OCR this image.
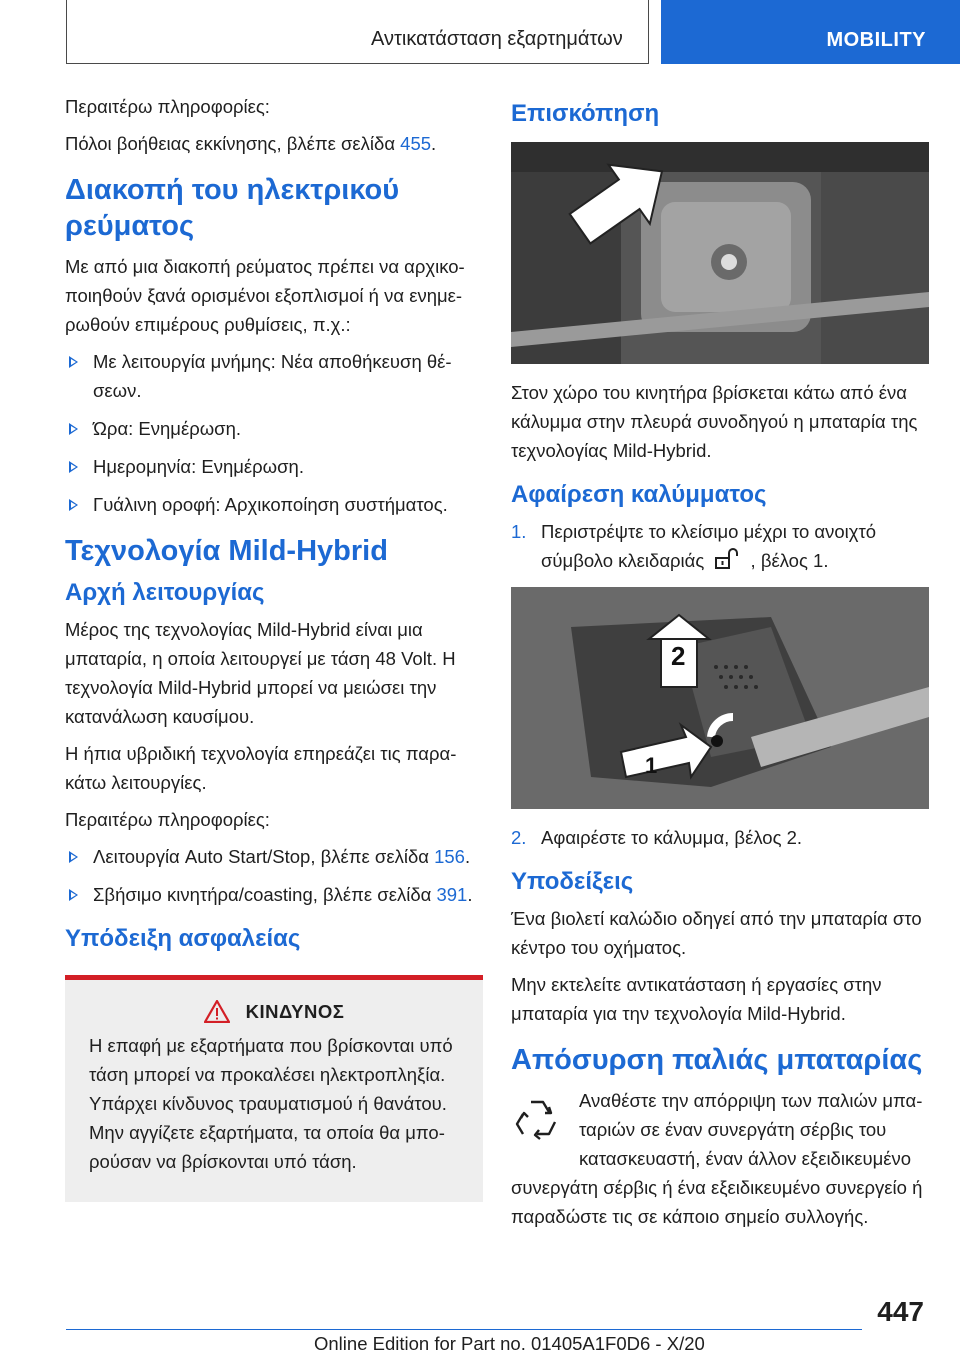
Αντικατάσταση εξαρτημάτων	MOBILITY

Περαιτέρω πληροφορίες:

Πόλοι βοήθειας εκκίνησης, βλέπε σελίδα 455.

Διακοπή του ηλεκτρικού ρεύματος

Με από μια διακοπή ρεύματος πρέπει να αρχικοποιηθούν ξανά ορισμένοι εξοπλισμοί ή να ενημερωθούν επιμέρους ρυθμίσεις, π.χ.:

Με λειτουργία μνήμης: Νέα αποθήκευση θέσεων.
Ώρα: Ενημέρωση.
Ημερομηνία: Ενημέρωση.
Γυάλινη οροφή: Αρχικοποίηση συστήματος.
Τεχνολογία Mild-Hybrid
Αρχή λειτουργίας

Μέρος της τεχνολογίας Mild-Hybrid είναι μια μπαταρία, η οποία λειτουργεί με τάση 48 Volt. Η τεχνολογία Mild-Hybrid μπορεί να μειώσει την κατανάλωση καυσίμου.

Η ήπια υβριδική τεχνολογία επηρεάζει τις παρακάτω λειτουργίες.

Περαιτέρω πληροφορίες:

Λειτουργία Auto Start/Stop, βλέπε σελίδα 156.
Σβήσιμο κινητήρα/coasting, βλέπε σελίδα 391.
Υπόδειξη ασφαλείας
ΚΙΝΔΥΝΟΣ

Η επαφή με εξαρτήματα που βρίσκονται υπό τάση μπορεί να προκαλέσει ηλεκτροπληξία. Υπάρχει κίνδυνος τραυματισμού ή θανάτου. Μην αγγίζετε εξαρτήματα, τα οποία θα μπορούσαν να βρίσκονται υπό τάση.

Επισκόπηση

Στον χώρο του κινητήρα βρίσκεται κάτω από ένα κάλυμμα στην πλευρά συνοδηγού η μπαταρία της τεχνολογίας Mild-Hybrid.

Αφαίρεση καλύμματος
1. Περιστρέψτε το κλείσιμο μέχρι το ανοιχτό σύμβολο κλειδαριάς  , βέλος 1.
2
1
2. Αφαιρέστε το κάλυμμα, βέλος 2.
Υποδείξεις

Ένα βιολετί καλώδιο οδηγεί από την μπαταρία στο κέντρο του οχήματος.

Μην εκτελείτε αντικατάσταση ή εργασίες στην μπαταρία για την τεχνολογία Mild-Hybrid.

Απόσυρση παλιάς μπαταρίας

Αναθέστε την απόρριψη των παλιών μπαταριών σε έναν συνεργάτη σέρβις του κατασκευαστή, έναν άλλον εξειδικευμένο συνεργάτη σέρβις ή ένα εξειδικευμένο συνεργείο ή παραδώστε τις σε κάποιο σημείο συλλογής.

447
Online Edition for Part no. 01405A1F0D6 - X/20
